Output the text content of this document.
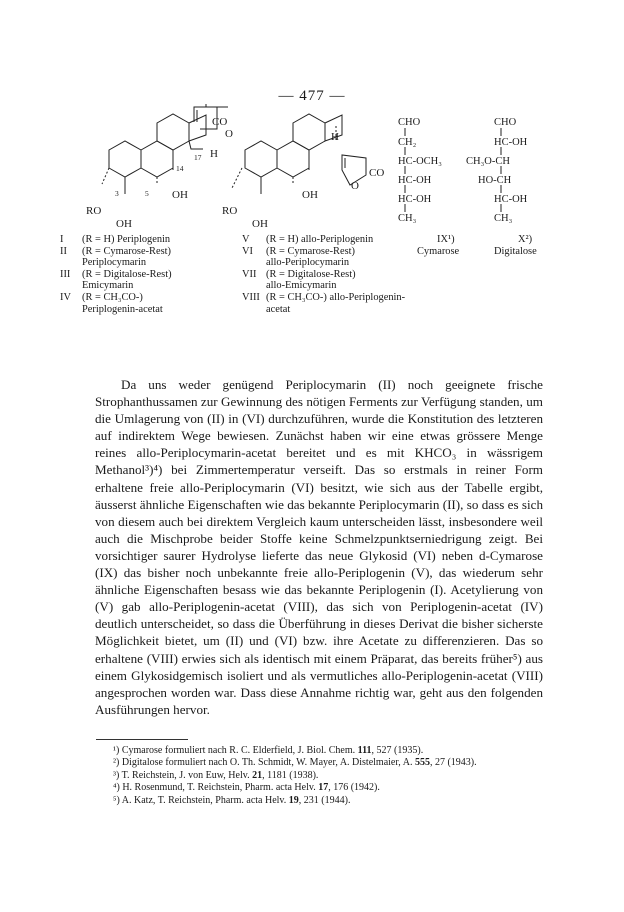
— 477 —
CO
O
H
17
14
OH
RO
3	5
OH
H
CO
O
OH
RO
OH
CHO
CH₂
HC-OCH₃
HC-OH
HC-OH
CH₃
CHO
HC-OH
CH₃O-CH
HO-CH
HC-OH
CH₃
I (R = H) Periplogenin	V (R = H) allo-Periplogenin	IX¹)	X²)
II (R = Cymarose-Rest)	VI (R = Cymarose-Rest)	Cymarose	Digitalose
Periplocymarin	allo-Periplocymarin
III (R = Digitalose-Rest)	VII (R = Digitalose-Rest)
Emicymarin	allo-Emicymarin
IV (R = CH₃CO-)	VIII (R = CH₃CO-) allo-Periplogenin-
Periplogenin-acetat	acetat

Da uns weder genügend Periplocymarin (II) noch geeignete frische Strophanthussamen zur Gewinnung des nötigen Ferments zur Verfügung standen, um die Umlagerung von (II) in (VI) durchzuführen, wurde die Konstitution des letzteren auf indirektem Wege bewiesen. Zunächst haben wir eine etwas grössere Menge reines allo-Periplocymarin-acetat bereitet und es mit KHCO₃ in wässrigem Methanol³)⁴) bei Zimmertemperatur verseift. Das so erstmals in reiner Form erhaltene freie allo-Periplocymarin (VI) besitzt, wie sich aus der Tabelle ergibt, äusserst ähnliche Eigenschaften wie das bekannte Periplocymarin (II), so dass es sich von diesem auch bei direktem Vergleich kaum unterscheiden lässt, insbesondere weil auch die Mischprobe beider Stoffe keine Schmelzpunktserniedrigung zeigt. Bei vorsichtiger saurer Hydrolyse lieferte das neue Glykosid (VI) neben d-Cymarose (IX) das bisher noch unbekannte freie allo-Periplogenin (V), das wiederum sehr ähnliche Eigenschaften besass wie das bekannte Periplogenin (I). Acetylierung von (V) gab allo-Periplogenin-acetat (VIII), das sich von Periplogenin-acetat (IV) deutlich unterscheidet, so dass die Überführung in dieses Derivat die bisher sicherste Möglichkeit bietet, um (II) und (VI) bzw. ihre Acetate zu differenzieren. Das so erhaltene (VIII) erwies sich als identisch mit einem Präparat, das bereits früher⁵) aus einem Glykosidgemisch isoliert und als vermutliches allo-Periplogenin-acetat (VIII) angesprochen worden war. Dass diese Annahme richtig war, geht aus den folgenden Ausführungen hervor.

¹) Cymarose formuliert nach R. C. Elderfield, J. Biol. Chem. 111, 527 (1935).
²) Digitalose formuliert nach O. Th. Schmidt, W. Mayer, A. Distelmaier, A. 555, 27 (1943).
³) T. Reichstein, J. von Euw, Helv. 21, 1181 (1938).
⁴) H. Rosenmund, T. Reichstein, Pharm. acta Helv. 17, 176 (1942).
⁵) A. Katz, T. Reichstein, Pharm. acta Helv. 19, 231 (1944).
